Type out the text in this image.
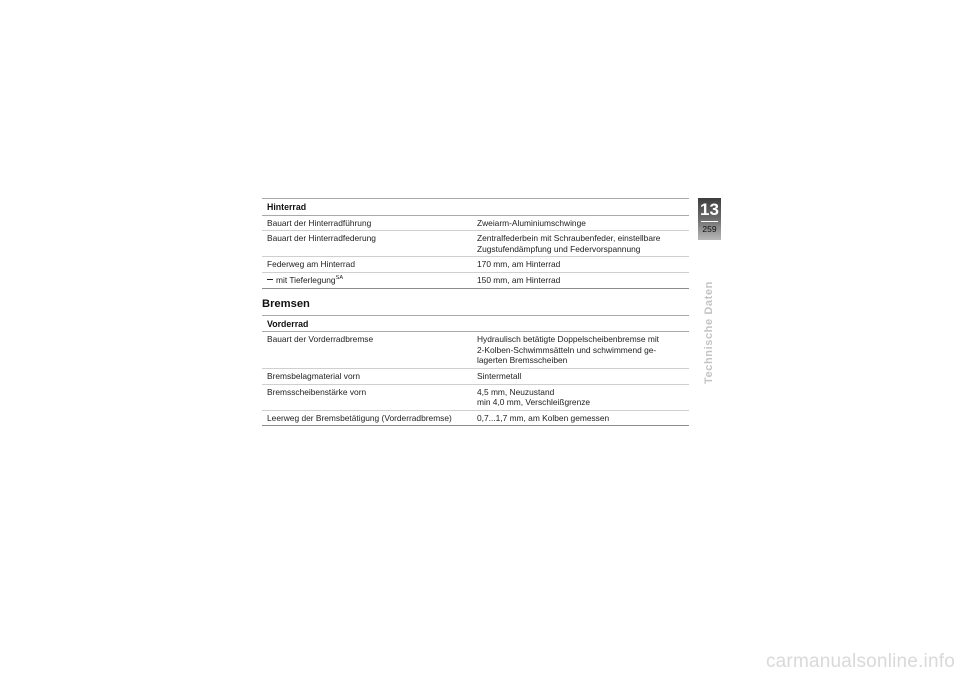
Hinterrad	
Bauart der Hinterradführung	Zweiarm-Aluminiumschwinge
Bauart der Hinterradfederung	Zentralfederbein mit Schraubenfeder, einstellbare
Zugstufendämpfung und Federvorspannung
Federweg am Hinterrad	170 mm, am Hinterrad
mit Tieferlegung$^{SA}$	150 mm, am Hinterrad
Bremsen
Vorderrad	
Bauart der Vorderradbremse	Hydraulisch betätigte Doppelscheibenbremse mit
2-Kolben-Schwimmsätteln und schwimmend ge-
lagerten Bremsscheiben
Bremsbelagmaterial vorn	Sintermetall
Bremsscheibenstärke vorn	4,5 mm, Neuzustand
min 4,0 mm, Verschleißgrenze
Leerweg der Bremsbetätigung (Vorderradbremse)	0,7...1,7 mm, am Kolben gemessen
13
259
Technische Daten
carmanualsonline.info
